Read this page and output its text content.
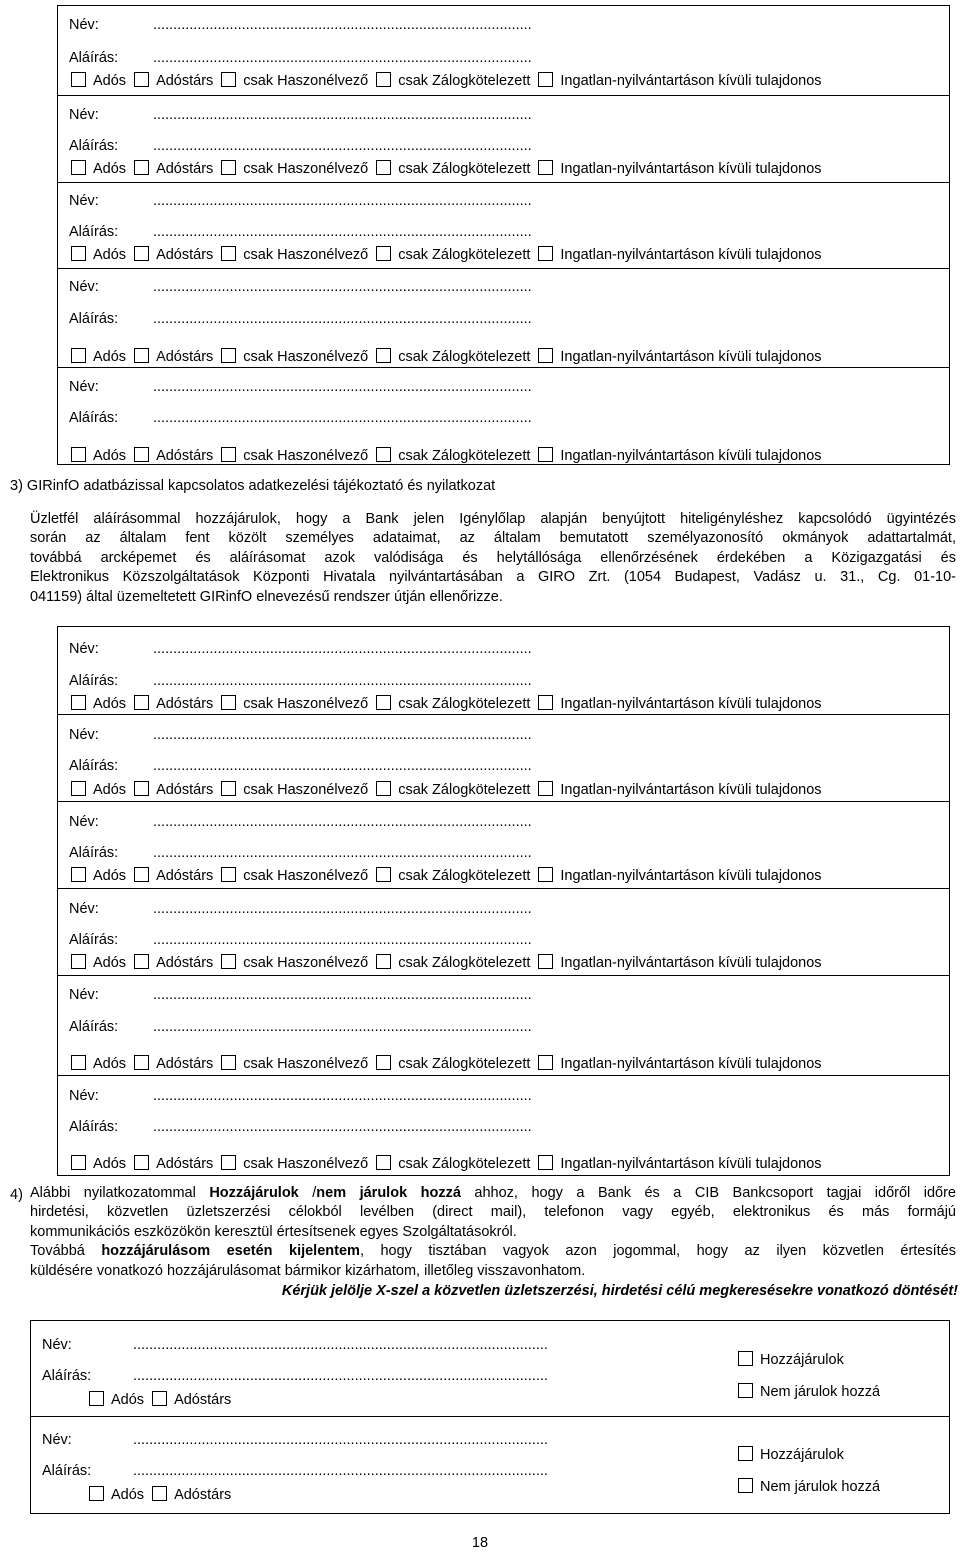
Név:	..............................................................................................
Aláírás: ..............................................................................................
Adós Adóstárs csak Haszonélvező csak Zálogkötelezett Ingatlan-nyilvántartáson kívüli tulajdonos
Név:	..............................................................................................
Aláírás: ..............................................................................................
Adós Adóstárs csak Haszonélvező csak Zálogkötelezett Ingatlan-nyilvántartáson kívüli tulajdonos
Név:	..............................................................................................
Aláírás: ..............................................................................................
Adós Adóstárs csak Haszonélvező csak Zálogkötelezett Ingatlan-nyilvántartáson kívüli tulajdonos
Név:	..............................................................................................
Aláírás: ..............................................................................................
Adós Adóstárs csak Haszonélvező csak Zálogkötelezett Ingatlan-nyilvántartáson kívüli tulajdonos
Név:	..............................................................................................
Aláírás: ..............................................................................................
Adós Adóstárs csak Haszonélvező csak Zálogkötelezett Ingatlan-nyilvántartáson kívüli tulajdonos
3) GIRinfO adatbázissal kapcsolatos adatkezelési tájékoztató és nyilatkozat
Üzletfél aláírásommal hozzájárulok, hogy a Bank jelen Igénylőlap alapján benyújtott hiteligényléshez kapcsolódó ügyintézés
során az általam fent közölt személyes adataimat, az általam bemutatott személyazonosító okmányok adattartalmát,
továbbá arcképemet és aláírásomat azok valódisága és helytállósága ellenőrzésének érdekében a Közigazgatási és
Elektronikus Közszolgáltatások Központi Hivatala nyilvántartásában a GIRO Zrt. (1054 Budapest, Vadász u. 31., Cg. 01-10-
041159) által üzemeltetett GIRinfO elnevezésű rendszer útján ellenőrizze.
Név:	..............................................................................................
Aláírás: ..............................................................................................
Adós Adóstárs csak Haszonélvező csak Zálogkötelezett Ingatlan-nyilvántartáson kívüli tulajdonos
Név:	..............................................................................................
Aláírás: ..............................................................................................
Adós Adóstárs csak Haszonélvező csak Zálogkötelezett Ingatlan-nyilvántartáson kívüli tulajdonos
Név:	..............................................................................................
Aláírás: ..............................................................................................
Adós Adóstárs csak Haszonélvező csak Zálogkötelezett Ingatlan-nyilvántartáson kívüli tulajdonos
Név:	..............................................................................................
Aláírás: ..............................................................................................
Adós Adóstárs csak Haszonélvező csak Zálogkötelezett Ingatlan-nyilvántartáson kívüli tulajdonos
Név:	..............................................................................................
Aláírás: ..............................................................................................
Adós Adóstárs csak Haszonélvező csak Zálogkötelezett Ingatlan-nyilvántartáson kívüli tulajdonos
Név:	..............................................................................................
Aláírás: ..............................................................................................
Adós Adóstárs csak Haszonélvező csak Zálogkötelezett Ingatlan-nyilvántartáson kívüli tulajdonos
4) Alábbi nyilatkozatommal Hozzájárulok /nem járulok hozzá ahhoz, hogy a Bank és a CIB Bankcsoport tagjai időről időre
hirdetési, közvetlen üzletszerzési célokból levélben (direct mail), telefonon vagy egyéb, elektronikus és más formájú
kommunikációs eszközökön keresztül értesítsenek egyes Szolgáltatásokról.
Továbbá hozzájárulásom esetén kijelentem, hogy tisztában vagyok azon jogommal, hogy az ilyen közvetlen értesítés
küldésére vonatkozó hozzájárulásomat bármikor kizárhatom, illetőleg visszavonhatom.
Kérjük jelölje X-szel a közvetlen üzletszerzési, hirdetési célú megkeresésekre vonatkozó döntését!
Név:	.......................................................................................................
Aláírás:	.......................................................................................................
Adós Adóstárs
Hozzájárulok
Nem járulok hozzá
Név:	.......................................................................................................
Aláírás:	.......................................................................................................
Adós Adóstárs
Hozzájárulok
Nem járulok hozzá
18
